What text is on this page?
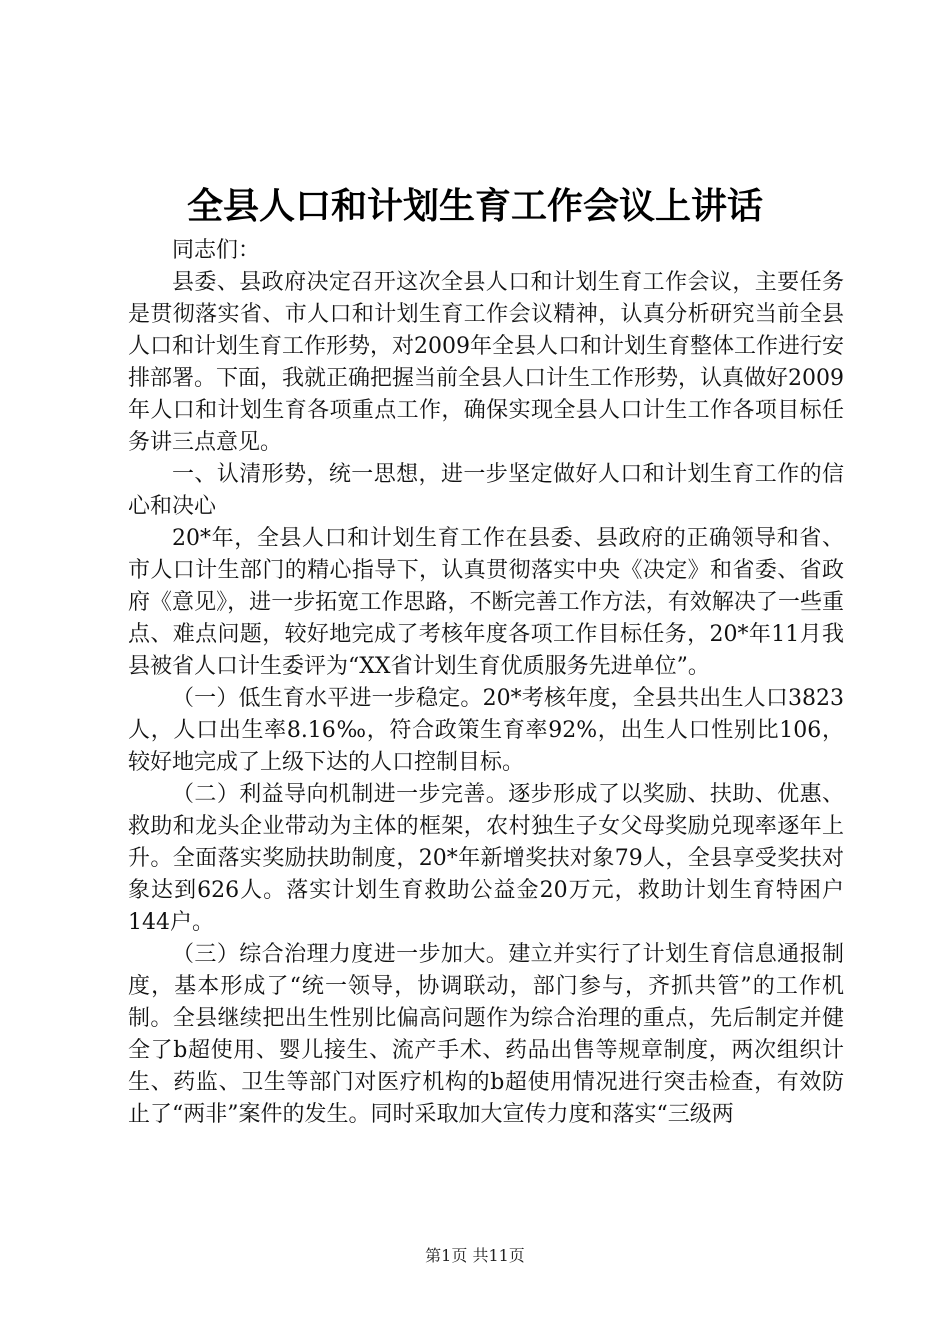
全县人口和计划生育工作会议上讲话

同志们：

县委、县政府决定召开这次全县人口和计划生育工作会议，主要任务是贯彻落实省、市人口和计划生育工作会议精神，认真分析研究当前全县人口和计划生育工作形势，对2009年全县人口和计划生育整体工作进行安排部署。下面，我就正确把握当前全县人口计生工作形势，认真做好2009年人口和计划生育各项重点工作，确保实现全县人口计生工作各项目标任务讲三点意见。

一、认清形势，统一思想，进一步坚定做好人口和计划生育工作的信心和决心

20*年，全县人口和计划生育工作在县委、县政府的正确领导和省、市人口计生部门的精心指导下，认真贯彻落实中央《决定》和省委、省政府《意见》，进一步拓宽工作思路，不断完善工作方法，有效解决了一些重点、难点问题，较好地完成了考核年度各项工作目标任务，20*年11月我县被省人口计生委评为“XX省计划生育优质服务先进单位”。

（一）低生育水平进一步稳定。20*考核年度，全县共出生人口3823人，人口出生率8.16‰，符合政策生育率92%，出生人口性别比106，较好地完成了上级下达的人口控制目标。

（二）利益导向机制进一步完善。逐步形成了以奖励、扶助、优惠、救助和龙头企业带动为主体的框架，农村独生子女父母奖励兑现率逐年上升。全面落实奖励扶助制度，20*年新增奖扶对象79人，全县享受奖扶对象达到626人。落实计划生育救助公益金20万元，救助计划生育特困户144户。

（三）综合治理力度进一步加大。建立并实行了计划生育信息通报制度，基本形成了“统一领导，协调联动，部门参与，齐抓共管”的工作机制。全县继续把出生性别比偏高问题作为综合治理的重点，先后制定并健全了b超使用、婴儿接生、流产手术、药品出售等规章制度，两次组织计生、药监、卫生等部门对医疗机构的b超使用情况进行突击检查，有效防止了“两非”案件的发生。同时采取加大宣传力度和落实“三级两

第1页 共11页
